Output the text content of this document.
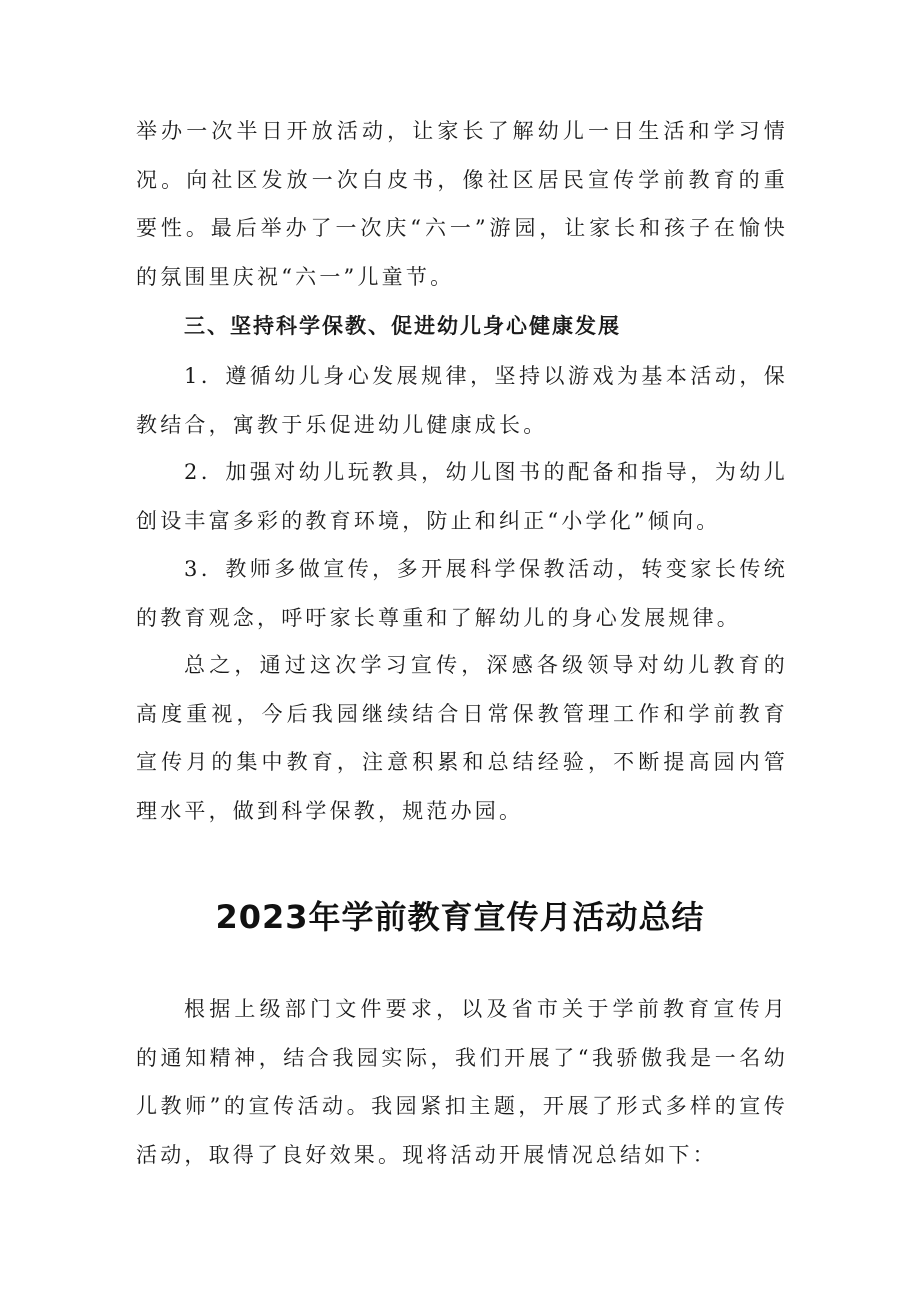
举办一次半日开放活动，让家长了解幼儿一日生活和学习情况。向社区发放一次白皮书，像社区居民宣传学前教育的重要性。最后举办了一次庆“六一”游园，让家长和孩子在愉快的氛围里庆祝“六一”儿童节。

三、坚持科学保教、促进幼儿身心健康发展

1．遵循幼儿身心发展规律，坚持以游戏为基本活动，保教结合，寓教于乐促进幼儿健康成长。

2．加强对幼儿玩教具，幼儿图书的配备和指导，为幼儿创设丰富多彩的教育环境，防止和纠正“小学化”倾向。

3．教师多做宣传，多开展科学保教活动，转变家长传统的教育观念，呼吁家长尊重和了解幼儿的身心发展规律。

总之，通过这次学习宣传，深感各级领导对幼儿教育的高度重视，今后我园继续结合日常保教管理工作和学前教育宣传月的集中教育，注意积累和总结经验，不断提高园内管理水平，做到科学保教，规范办园。

2023年学前教育宣传月活动总结

根据上级部门文件要求，以及省市关于学前教育宣传月的通知精神，结合我园实际，我们开展了“我骄傲我是一名幼儿教师”的宣传活动。我园紧扣主题，开展了形式多样的宣传活动，取得了良好效果。现将活动开展情况总结如下：
